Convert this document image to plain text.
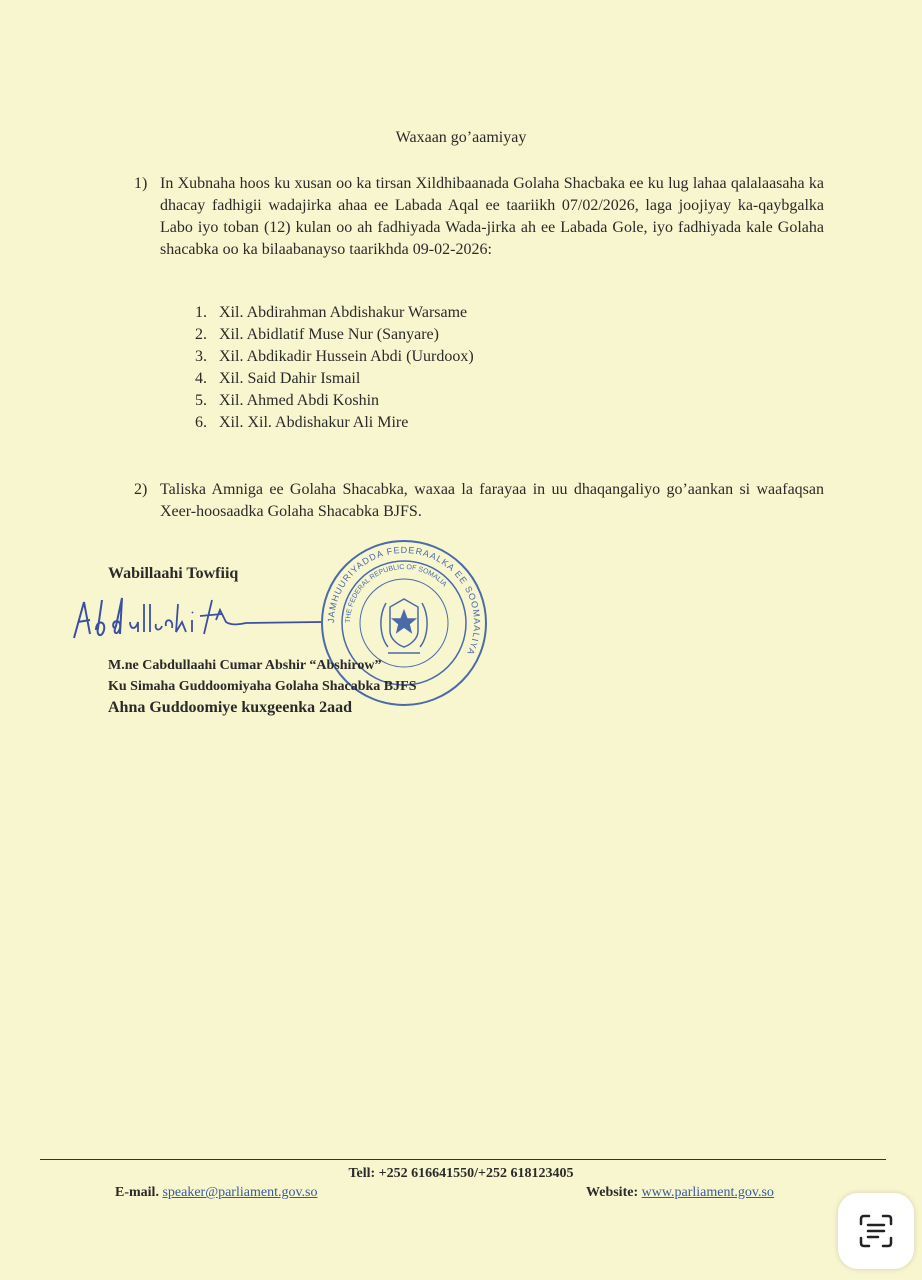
Waxaan go’aamiyay
1) In Xubnaha hoos ku xusan oo ka tirsan Xildhibaanada Golaha Shacbaka ee ku lug lahaa qalalaasaha ka dhacay fadhigii wadajirka ahaa ee Labada Aqal ee taariikh 07/02/2026, laga joojiyay ka-qaybgalka Labo iyo toban (12) kulan oo ah fadhiyada Wada-jirka ah ee Labada Gole, iyo fadhiyada kale Golaha shacabka oo ka bilaabanayso taarikhda 09-02-2026:
1. Xil. Abdirahman Abdishakur Warsame
2. Xil. Abidlatif Muse Nur (Sanyare)
3. Xil. Abdikadir Hussein Abdi (Uurdoox)
4. Xil. Said Dahir Ismail
5. Xil. Ahmed Abdi Koshin
6. Xil. Xil. Abdishakur Ali Mire
2) Taliska Amniga ee Golaha Shacabka, waxaa la farayaa in uu dhaqangaliyo go’aankan si waafaqsan Xeer-hoosaadka Golaha Shacabka BJFS.
Wabillaahi Towfiiq
JAMHUURIYADDA FEDERAALKA EE SOOMAALIYA
THE FEDERAL REPUBLIC OF SOMALIA
M.ne Cabdullaahi Cumar Abshir “Abshirow”
Ku Simaha Guddoomiyaha Golaha Shacabka BJFS
Ahna Guddoomiye kuxgeenka 2aad
Tell: +252 616641550/+252 618123405
E-mail. speaker@parliament.gov.so	Website: www.parliament.gov.so
